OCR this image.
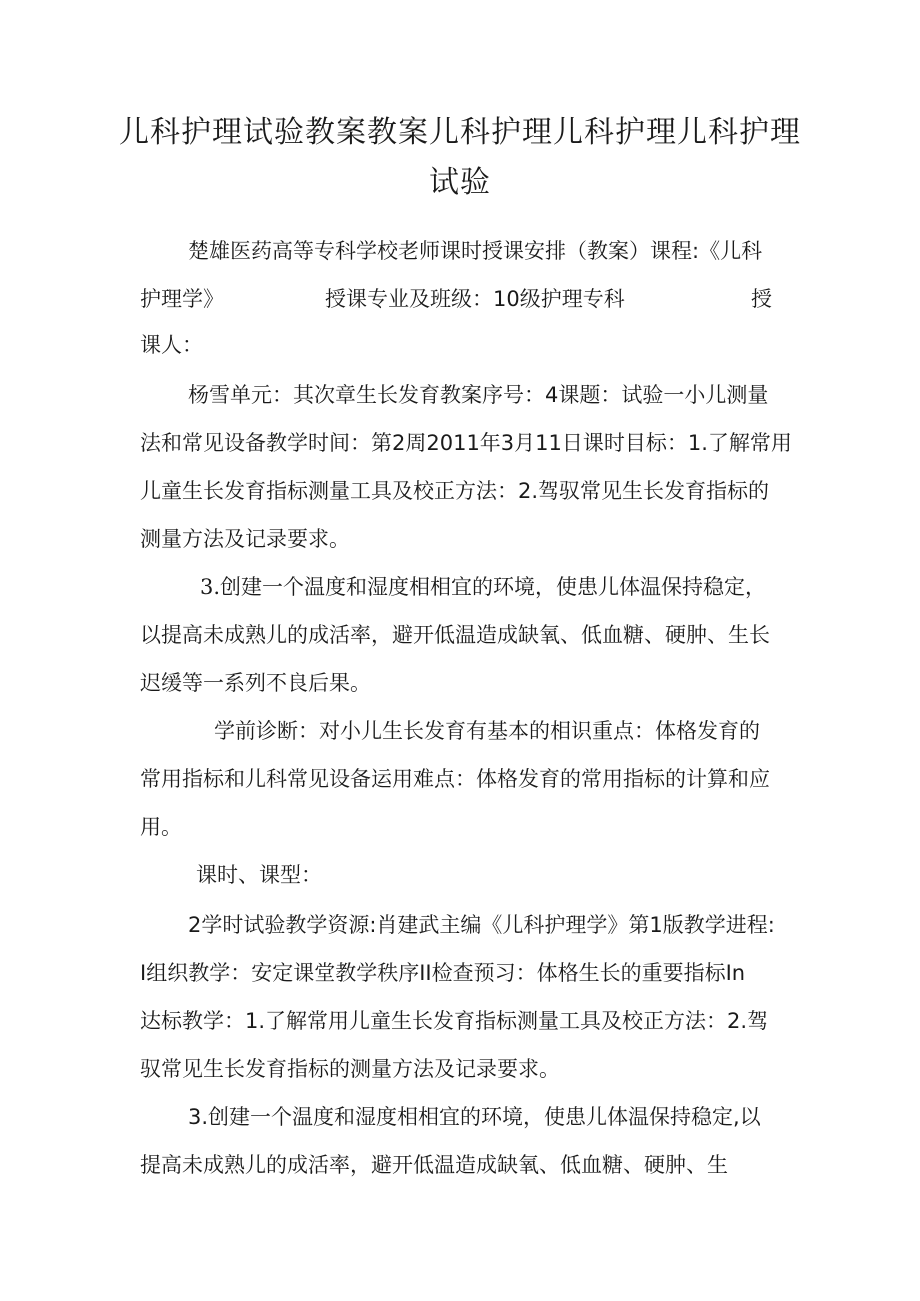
儿科护理试验教案教案儿科护理儿科护理儿科护理
试验

楚雄医药高等专科学校老师课时授课安排（教案）课程:《儿科

护理学》	授课专业及班级：10级护理专科	授

课人：

杨雪单元：其次章生长发育教案序号：4课题：试验一小儿测量

法和常见设备教学时间：第2周2011年3月11日课时目标：1.了解常用

儿童生长发育指标测量工具及校正方法：2.驾驭常见生长发育指标的

测量方法及记录要求。

3.创建一个温度和湿度相相宜的环境，使患儿体温保持稳定，

以提高未成熟儿的成活率，避开低温造成缺氧、低血糖、硬肿、生长

迟缓等一系列不良后果。

学前诊断：对小儿生长发育有基本的相识重点：体格发育的

常用指标和儿科常见设备运用难点：体格发育的常用指标的计算和应

用。

课时、课型：

2学时试验教学资源:肖建武主编《儿科护理学》第1版教学进程:

I组织教学：安定课堂教学秩序II检查预习：体格生长的重要指标In

达标教学：1.了解常用儿童生长发育指标测量工具及校正方法：2.驾

驭常见生长发育指标的测量方法及记录要求。

3.创建一个温度和湿度相相宜的环境，使患儿体温保持稳定,以

提高未成熟儿的成活率，避开低温造成缺氧、低血糖、硬肿、生
